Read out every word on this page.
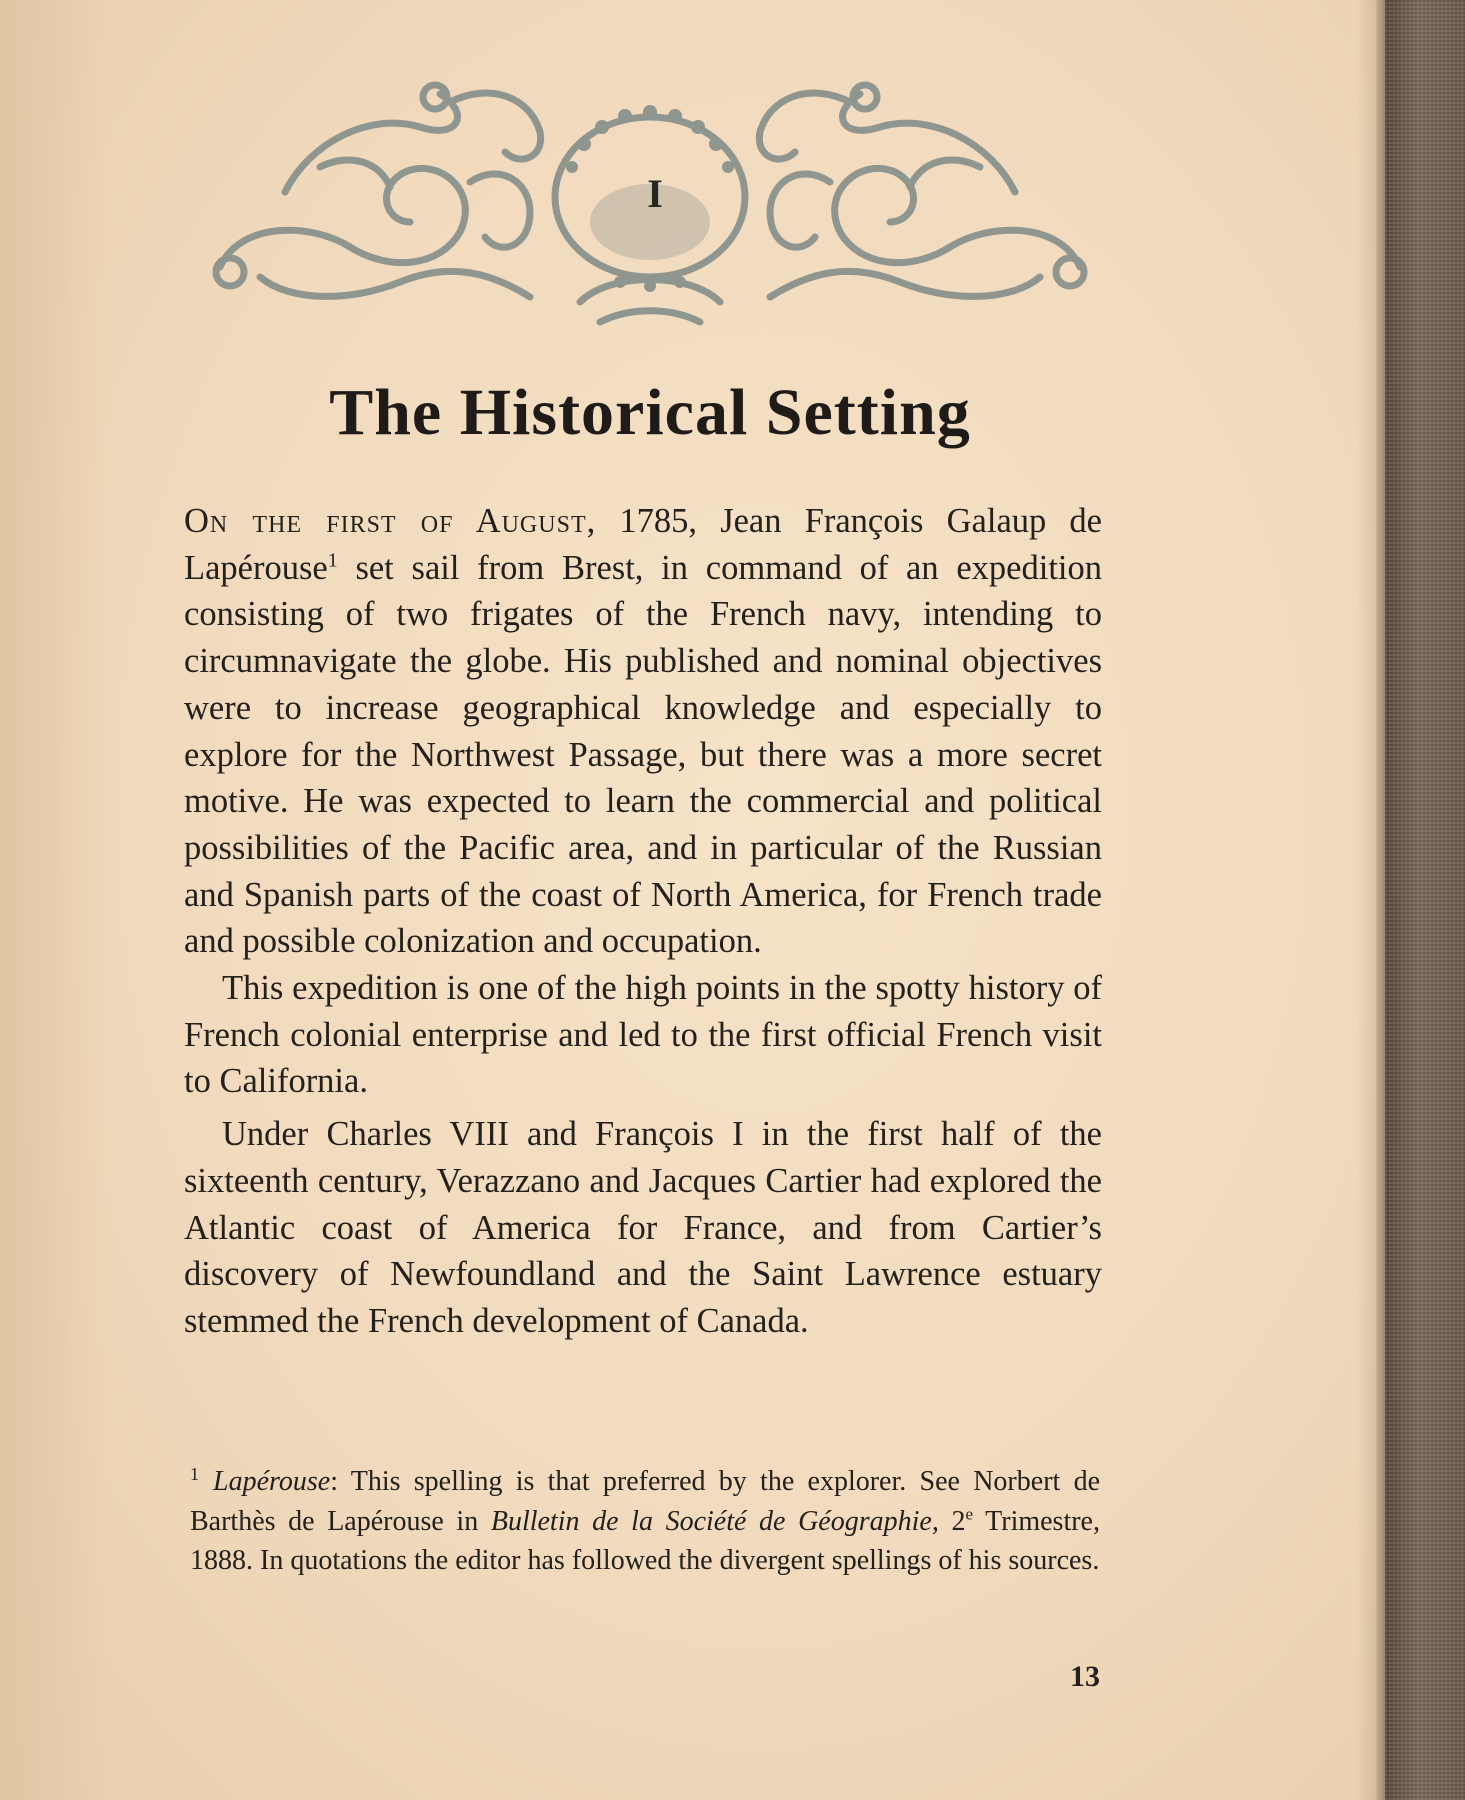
I
The Historical Setting

On the first of August, 1785, Jean François Galaup de Lapérouse$^1$ set sail from Brest, in command of an expedition consisting of two frigates of the French navy, intending to circumnavigate the globe. His published and nominal objectives were to increase geographical knowledge and especially to explore for the Northwest Passage, but there was a more secret motive. He was expected to learn the commercial and political possibilities of the Pacific area, and in particular of the Russian and Spanish parts of the coast of North America, for French trade and possible colonization and occupation.

This expedition is one of the high points in the spotty history of French colonial enterprise and led to the first official French visit to California.

Under Charles VIII and François I in the first half of the sixteenth century, Verazzano and Jacques Cartier had explored the Atlantic coast of America for France, and from Cartier’s discovery of Newfoundland and the Saint Lawrence estuary stemmed the French development of Canada.

$^1$ Lapérouse: This spelling is that preferred by the explorer. See Norbert de Barthès de Lapérouse in Bulletin de la Société de Géographie, 2e Trimestre, 1888. In quotations the editor has followed the divergent spellings of his sources.

13
